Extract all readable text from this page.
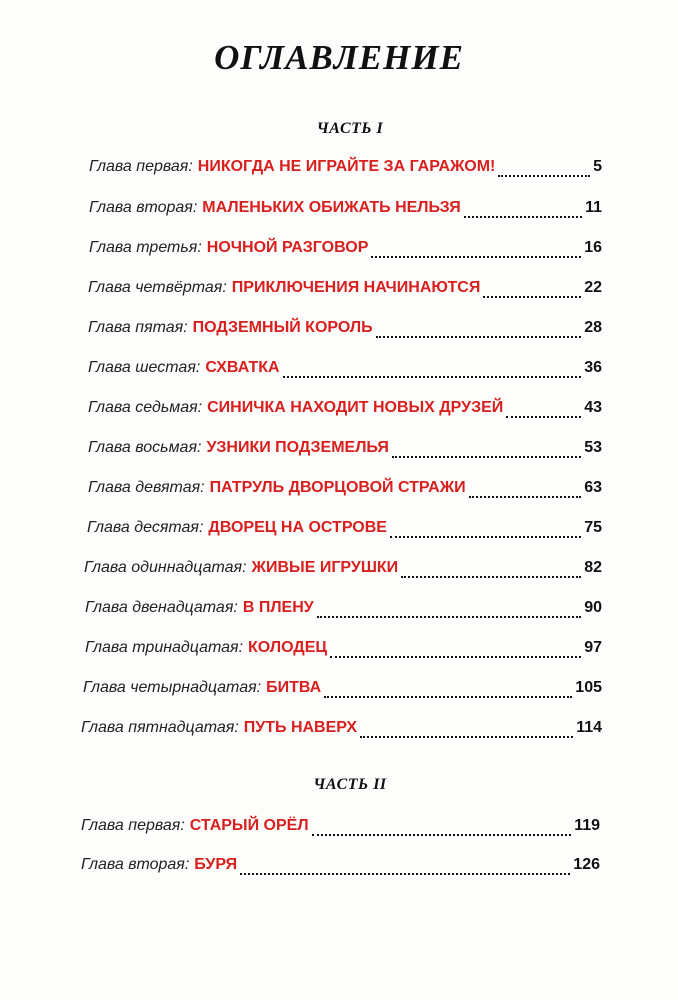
ОГЛАВЛЕНИЕ
ЧАСТЬ I
ЧАСТЬ II
Глава первая: НИКОГДА НЕ ИГРАЙТЕ ЗА ГАРАЖОМ!	5
Глава вторая: МАЛЕНЬКИХ ОБИЖАТЬ НЕЛЬЗЯ	11
Глава третья: НОЧНОЙ РАЗГОВОР	16
Глава четвёртая: ПРИКЛЮЧЕНИЯ НАЧИНАЮТСЯ	22
Глава пятая: ПОДЗЕМНЫЙ КОРОЛЬ	28
Глава шестая: СХВАТКА	36
Глава седьмая: СИНИЧКА НАХОДИТ НОВЫХ ДРУЗЕЙ	43
Глава восьмая: УЗНИКИ ПОДЗЕМЕЛЬЯ	53
Глава девятая: ПАТРУЛЬ ДВОРЦОВОЙ СТРАЖИ	63
Глава десятая: ДВОРЕЦ НА ОСТРОВЕ	75
Глава одиннадцатая: ЖИВЫЕ ИГРУШКИ	82
Глава двенадцатая: В ПЛЕНУ	90
Глава тринадцатая: КОЛОДЕЦ	97
Глава четырнадцатая: БИТВА	105
Глава пятнадцатая: ПУТЬ НАВЕРХ	114
Глава первая: СТАРЫЙ ОРЁЛ	119
Глава вторая: БУРЯ	126
